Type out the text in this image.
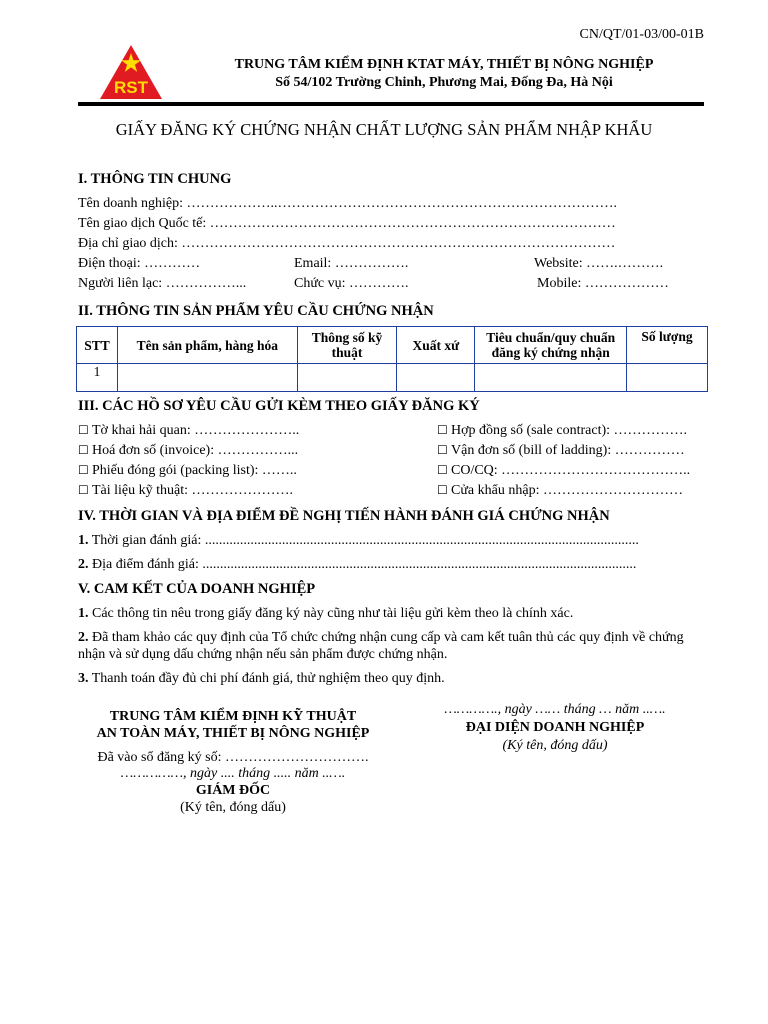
CN/QT/01-03/00-01B
RST
TRUNG TÂM KIỂM ĐỊNH KTAT MÁY, THIẾT BỊ NÔNG NGHIỆP
Số 54/102 Trường Chinh, Phương Mai, Đống Đa, Hà Nội
GIẤY ĐĂNG KÝ CHỨNG NHẬN CHẤT LƯỢNG SẢN PHẨM NHẬP KHẨU
I. THÔNG TIN CHUNG
Tên doanh nghiệp: ………………..……………………………………………………………….
Tên giao dịch Quốc tế: ……………………………………………………………………………
Địa chỉ giao dịch: …………………………………………………………………………………
Điện thoại: …………	Email: …………….	Website: …….……….
Người liên lạc: ……………...	Chức vụ: ………….	Mobile: ………………
II. THÔNG TIN SẢN PHẨM YÊU CẦU CHỨNG NHẬN
STT	Tên sản phẩm, hàng hóa	Thông số kỹ thuật	Xuất xứ	Tiêu chuẩn/quy chuẩn đăng ký chứng nhận	Số lượng
1					
III. CÁC HỒ SƠ YÊU CẦU GỬI KÈM THEO GIẤY ĐĂNG KÝ
☐ Tờ khai hải quan: …………………..
☐ Hoá đơn số (invoice): ……………...
☐ Phiếu đóng gói (packing list): ……..
☐ Tài liệu kỹ thuật: ………………….
☐ Hợp đồng số (sale contract): …………….
☐ Vận đơn số (bill of ladding): ……………
☐ CO/CQ: …………………………………..
☐ Cửa khẩu nhập: …………………………
IV. THỜI GIAN VÀ ĐỊA ĐIỂM ĐỀ NGHỊ TIẾN HÀNH ĐÁNH GIÁ CHỨNG NHẬN
1. Thời gian đánh giá: ............................................................................................................................
2. Địa điểm đánh giá: ............................................................................................................................
V. CAM KẾT CỦA DOANH NGHIỆP
1. Các thông tin nêu trong giấy đăng ký này cũng như tài liệu gửi kèm theo là chính xác.
2. Đã tham khảo các quy định của Tổ chức chứng nhận cung cấp và cam kết tuân thủ các quy định về chứng nhận và sử dụng dấu chứng nhận nếu sản phẩm được chứng nhận.
3. Thanh toán đầy đủ chi phí đánh giá, thử nghiệm theo quy định.
TRUNG TÂM KIỂM ĐỊNH KỸ THUẬT
AN TOÀN MÁY, THIẾT BỊ NÔNG NGHIỆP
Đã vào sổ đăng ký số: ………………………….
……………, ngày .... tháng ..... năm ..….
GIÁM ĐỐC
(Ký tên, đóng dấu)
…………., ngày …… tháng … năm ..….
ĐẠI DIỆN DOANH NGHIỆP
(Ký tên, đóng dấu)
